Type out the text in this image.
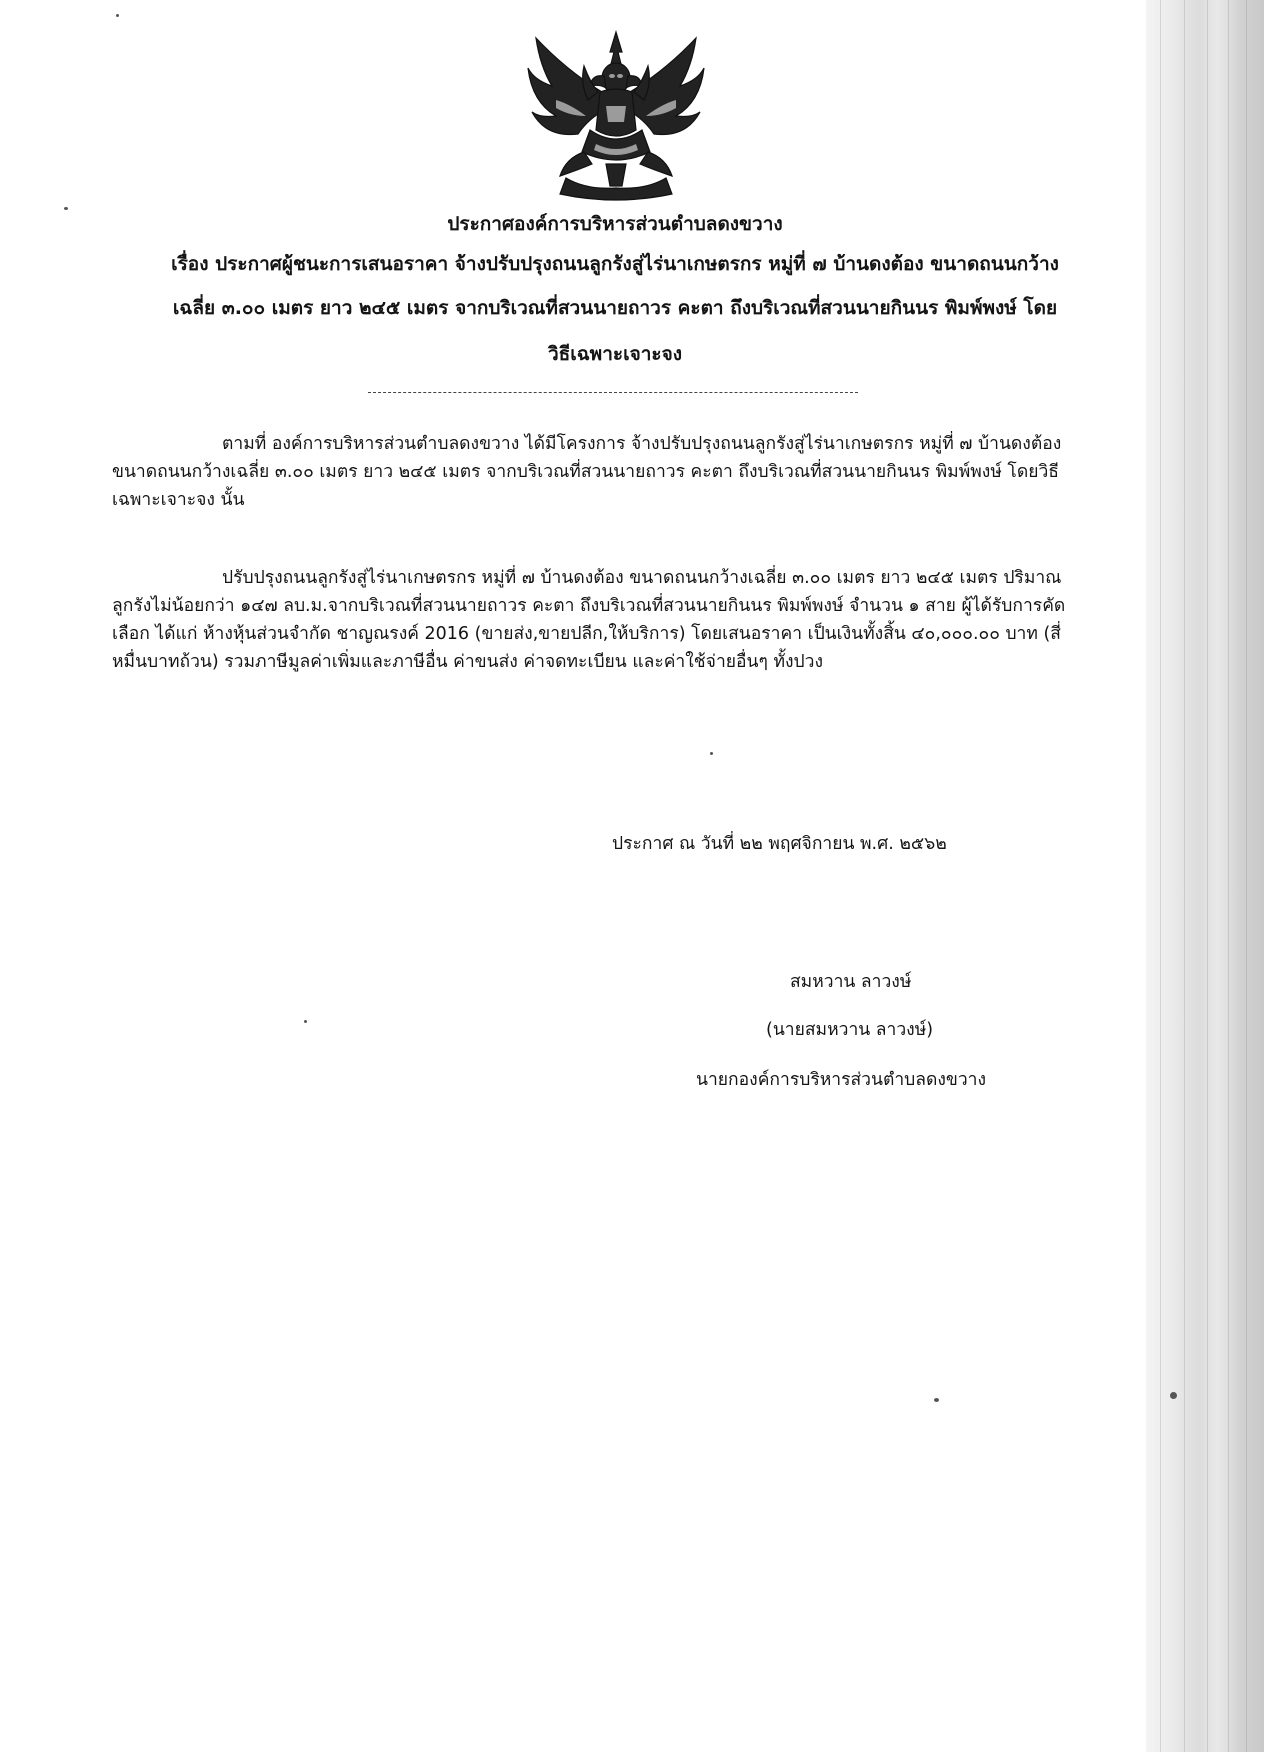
ประกาศองค์การบริหารส่วนตำบลดงขวาง
เรื่อง ประกาศผู้ชนะการเสนอราคา จ้างปรับปรุงถนนลูกรังสู่ไร่นาเกษตรกร หมู่ที่ ๗ บ้านดงต้อง ขนาดถนนกว้าง
เฉลี่ย ๓.๐๐ เมตร ยาว ๒๔๕ เมตร จากบริเวณที่สวนนายถาวร คะตา ถึงบริเวณที่สวนนายกินนร พิมพ์พงษ์ โดย
วิธีเฉพาะเจาะจง

ตามที่ องค์การบริหารส่วนตำบลดงขวาง ได้มีโครงการ จ้างปรับปรุงถนนลูกรังสู่ไร่นาเกษตรกร หมู่ที่ ๗ บ้านดงต้อง ขนาดถนนกว้างเฉลี่ย ๓.๐๐ เมตร ยาว ๒๔๕ เมตร จากบริเวณที่สวนนายถาวร คะตา ถึงบริเวณที่สวนนายกินนร พิมพ์พงษ์ โดยวิธีเฉพาะเจาะจง นั้น

ปรับปรุงถนนลูกรังสู่ไร่นาเกษตรกร หมู่ที่ ๗ บ้านดงต้อง ขนาดถนนกว้างเฉลี่ย ๓.๐๐ เมตร ยาว ๒๔๕ เมตร ปริมาณลูกรังไม่น้อยกว่า ๑๔๗ ลบ.ม.จากบริเวณที่สวนนายถาวร คะตา ถึงบริเวณที่สวนนายกินนร พิมพ์พงษ์ จำนวน ๑ สาย ผู้ได้รับการคัดเลือก ได้แก่ ห้างหุ้นส่วนจำกัด ชาญณรงค์ 2016 (ขายส่ง,ขายปลีก,ให้บริการ) โดยเสนอราคา เป็นเงินทั้งสิ้น ๔๐,๐๐๐.๐๐ บาท (สี่หมื่นบาทถ้วน) รวมภาษีมูลค่าเพิ่มและภาษีอื่น ค่าขนส่ง ค่าจดทะเบียน และค่าใช้จ่ายอื่นๆ ทั้งปวง

ประกาศ ณ วันที่ ๒๒ พฤศจิกายน พ.ศ. ๒๕๖๒
สมหวาน ลาวงษ์
(นายสมหวาน ลาวงษ์)
นายกองค์การบริหารส่วนตำบลดงขวาง
